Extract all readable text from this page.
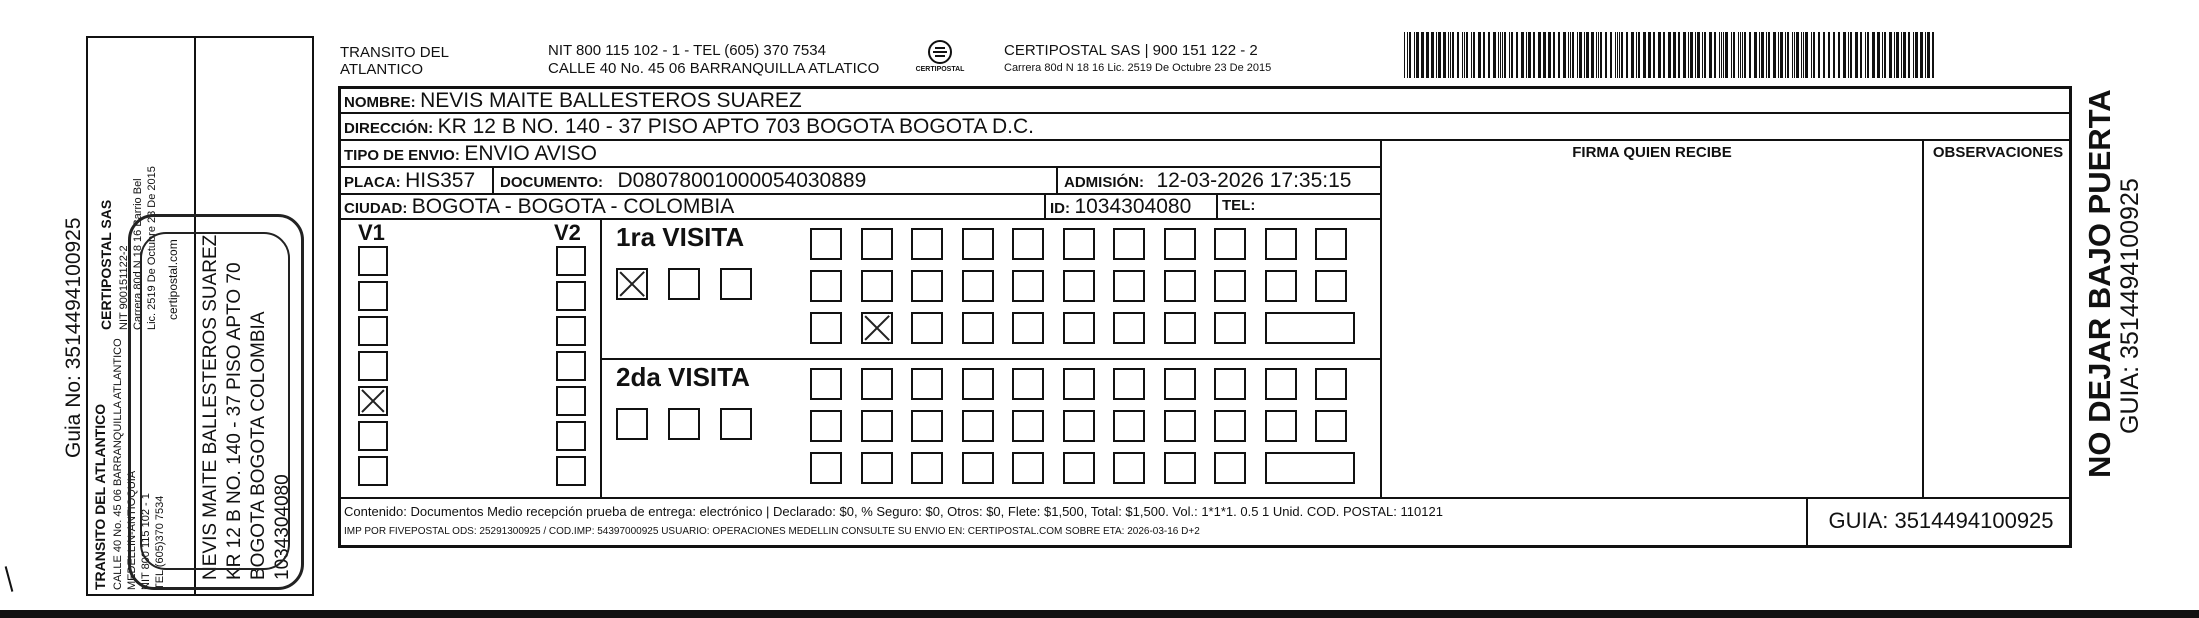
Guia No: 3514494100925 CERTIPOSTAL SAS NIT 900151122-2 Carrera 80d N 18 16 Barrio Bel Lic. 2519 De Octubre 23 De 2015
TRANSITO DEL ATLANTICO CALLE 40 No. 45 06 BARRANQUILLA ATLANTICO MEDELLIN-ANTIOQUIA NIT 800 115 102 - 1 TEL (605)370 7534
certipostal.com NEVIS MAITE BALLESTEROS SUAREZ KR 12 B NO. 140 - 37 PISO APTO 70 BOGOTA BOGOTA COLOMBIA 1034304080
TRANSITO DEL
ATLANTICO
NIT 800 115 102 - 1 - TEL (605) 370 7534
CALLE 40 No. 45 06 BARRANQUILLA ATLATICO	CERTIPOSTAL
CERTIPOSTAL SAS | 900 151 122 - 2
Carrera 80d N 18 16 Lic. 2519 De Octubre 23 De 2015
NOMBRE: NEVIS MAITE BALLESTEROS SUAREZ
DIRECCIÓN: KR 12 B NO. 140 - 37 PISO APTO 703 BOGOTA BOGOTA D.C.
TIPO DE ENVIO: ENVIO AVISO	FIRMA QUIEN RECIBE	OBSERVACIONES
PLACA: HIS357 DOCUMENTO: D08078001000054030889	ADMISIÓN: 12-03-2026 17:35:15
CIUDAD: BOGOTA - BOGOTA - COLOMBIA	ID: 1034304080 TEL:
V1	V2 1ra VISITA
2da VISITA
Contenido: Documentos Medio recepción prueba de entrega: electrónico | Declarado: $0, % Seguro: $0, Otros: $0, Flete: $1,500, Total: $1,500. Vol.: 1*1*1. 0.5 1 Unid. COD. POSTAL: 110121
IMP POR FIVEPOSTAL ODS: 25291300925 / COD.IMP: 54397000925 USUARIO: OPERACIONES MEDELLIN CONSULTE SU ENVIO EN: CERTIPOSTAL.COM SOBRE ETA: 2026-03-16 D+2	GUIA: 3514494100925
NO DEJAR BAJO PUERTA GUIA: 3514494100925
